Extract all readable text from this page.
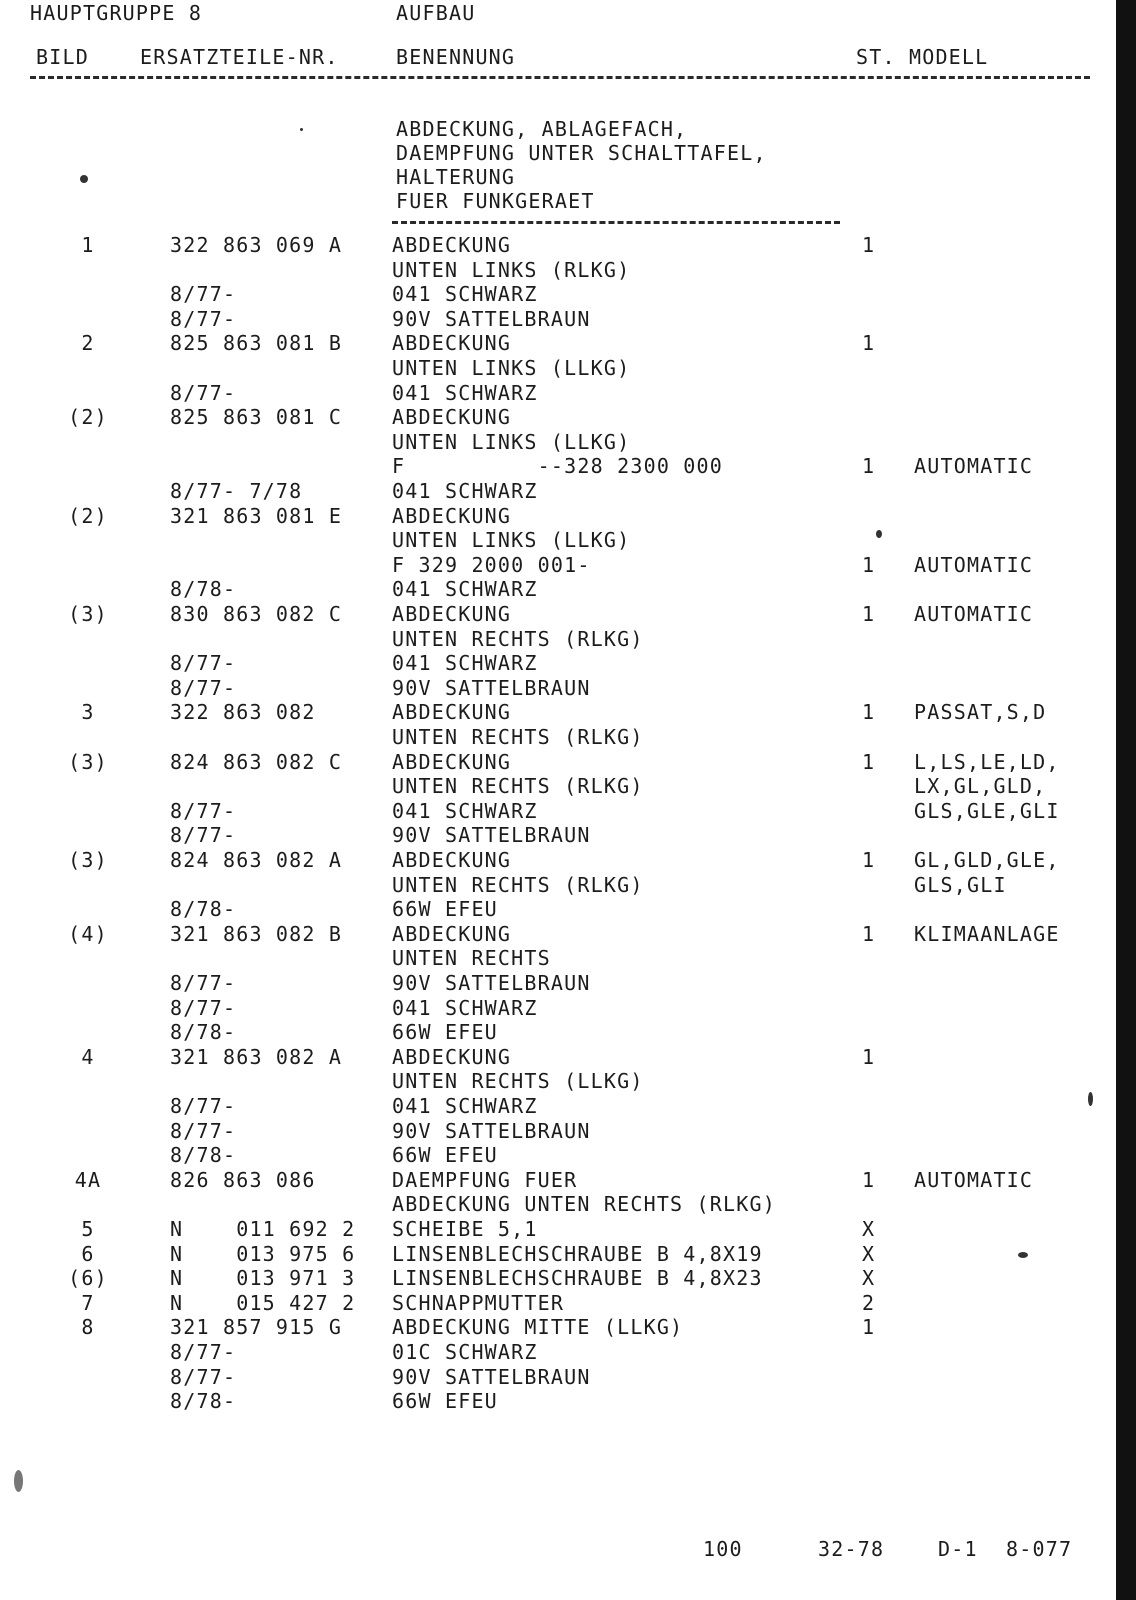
HAUPTGRUPPE 8	AUFBAU
BILD	ERSATZTEILE-NR.	BENENNUNG	ST. MODELL
ABDECKUNG, ABLAGEFACH,
DAEMPFUNG UNTER SCHALTTAFEL,
HALTERUNG
FUER FUNKGERAET
1	322 863 069 A ABDECKUNG	1
UNTEN LINKS (RLKG)
8/77-	041 SCHWARZ
8/77-	90V SATTELBRAUN
2	825 863 081 B ABDECKUNG	1
UNTEN LINKS (LLKG)
8/77-	041 SCHWARZ
(2)	825 863 081 C ABDECKUNG
UNTEN LINKS (LLKG)
F          --328 2300 000	1 AUTOMATIC
8/77- 7/78	041 SCHWARZ
(2)	321 863 081 E ABDECKUNG
UNTEN LINKS (LLKG)
F 329 2000 001-	1 AUTOMATIC
8/78-	041 SCHWARZ
(3)	830 863 082 C ABDECKUNG	1 AUTOMATIC
UNTEN RECHTS (RLKG)
8/77-	041 SCHWARZ
8/77-	90V SATTELBRAUN
3	322 863 082	ABDECKUNG	1 PASSAT,S,D
UNTEN RECHTS (RLKG)
(3)	824 863 082 C ABDECKUNG	1 L,LS,LE,LD,
UNTEN RECHTS (RLKG)	LX,GL,GLD,
8/77-	041 SCHWARZ	GLS,GLE,GLI
8/77-	90V SATTELBRAUN
(3)	824 863 082 A ABDECKUNG	1 GL,GLD,GLE,
UNTEN RECHTS (RLKG)	GLS,GLI
8/78-	66W EFEU
(4)	321 863 082 B ABDECKUNG	1 KLIMAANLAGE
UNTEN RECHTS
8/77-	90V SATTELBRAUN
8/77-	041 SCHWARZ
8/78-	66W EFEU
4	321 863 082 A ABDECKUNG	1
UNTEN RECHTS (LLKG)
8/77-	041 SCHWARZ
8/77-	90V SATTELBRAUN
8/78-	66W EFEU
4A	826 863 086	DAEMPFUNG FUER	1 AUTOMATIC
ABDECKUNG UNTEN RECHTS (RLKG)
5	N    011 692 2 SCHEIBE 5,1	X
6	N    013 975 6 LINSENBLECHSCHRAUBE B 4,8X19	X
(6)	N    013 971 3 LINSENBLECHSCHRAUBE B 4,8X23	X
7	N    015 427 2 SCHNAPPMUTTER	2
8	321 857 915 G ABDECKUNG MITTE (LLKG)	1
8/77-	01C SCHWARZ
8/77-	90V SATTELBRAUN
8/78-	66W EFEU
100	32-78	D-1 8-077
